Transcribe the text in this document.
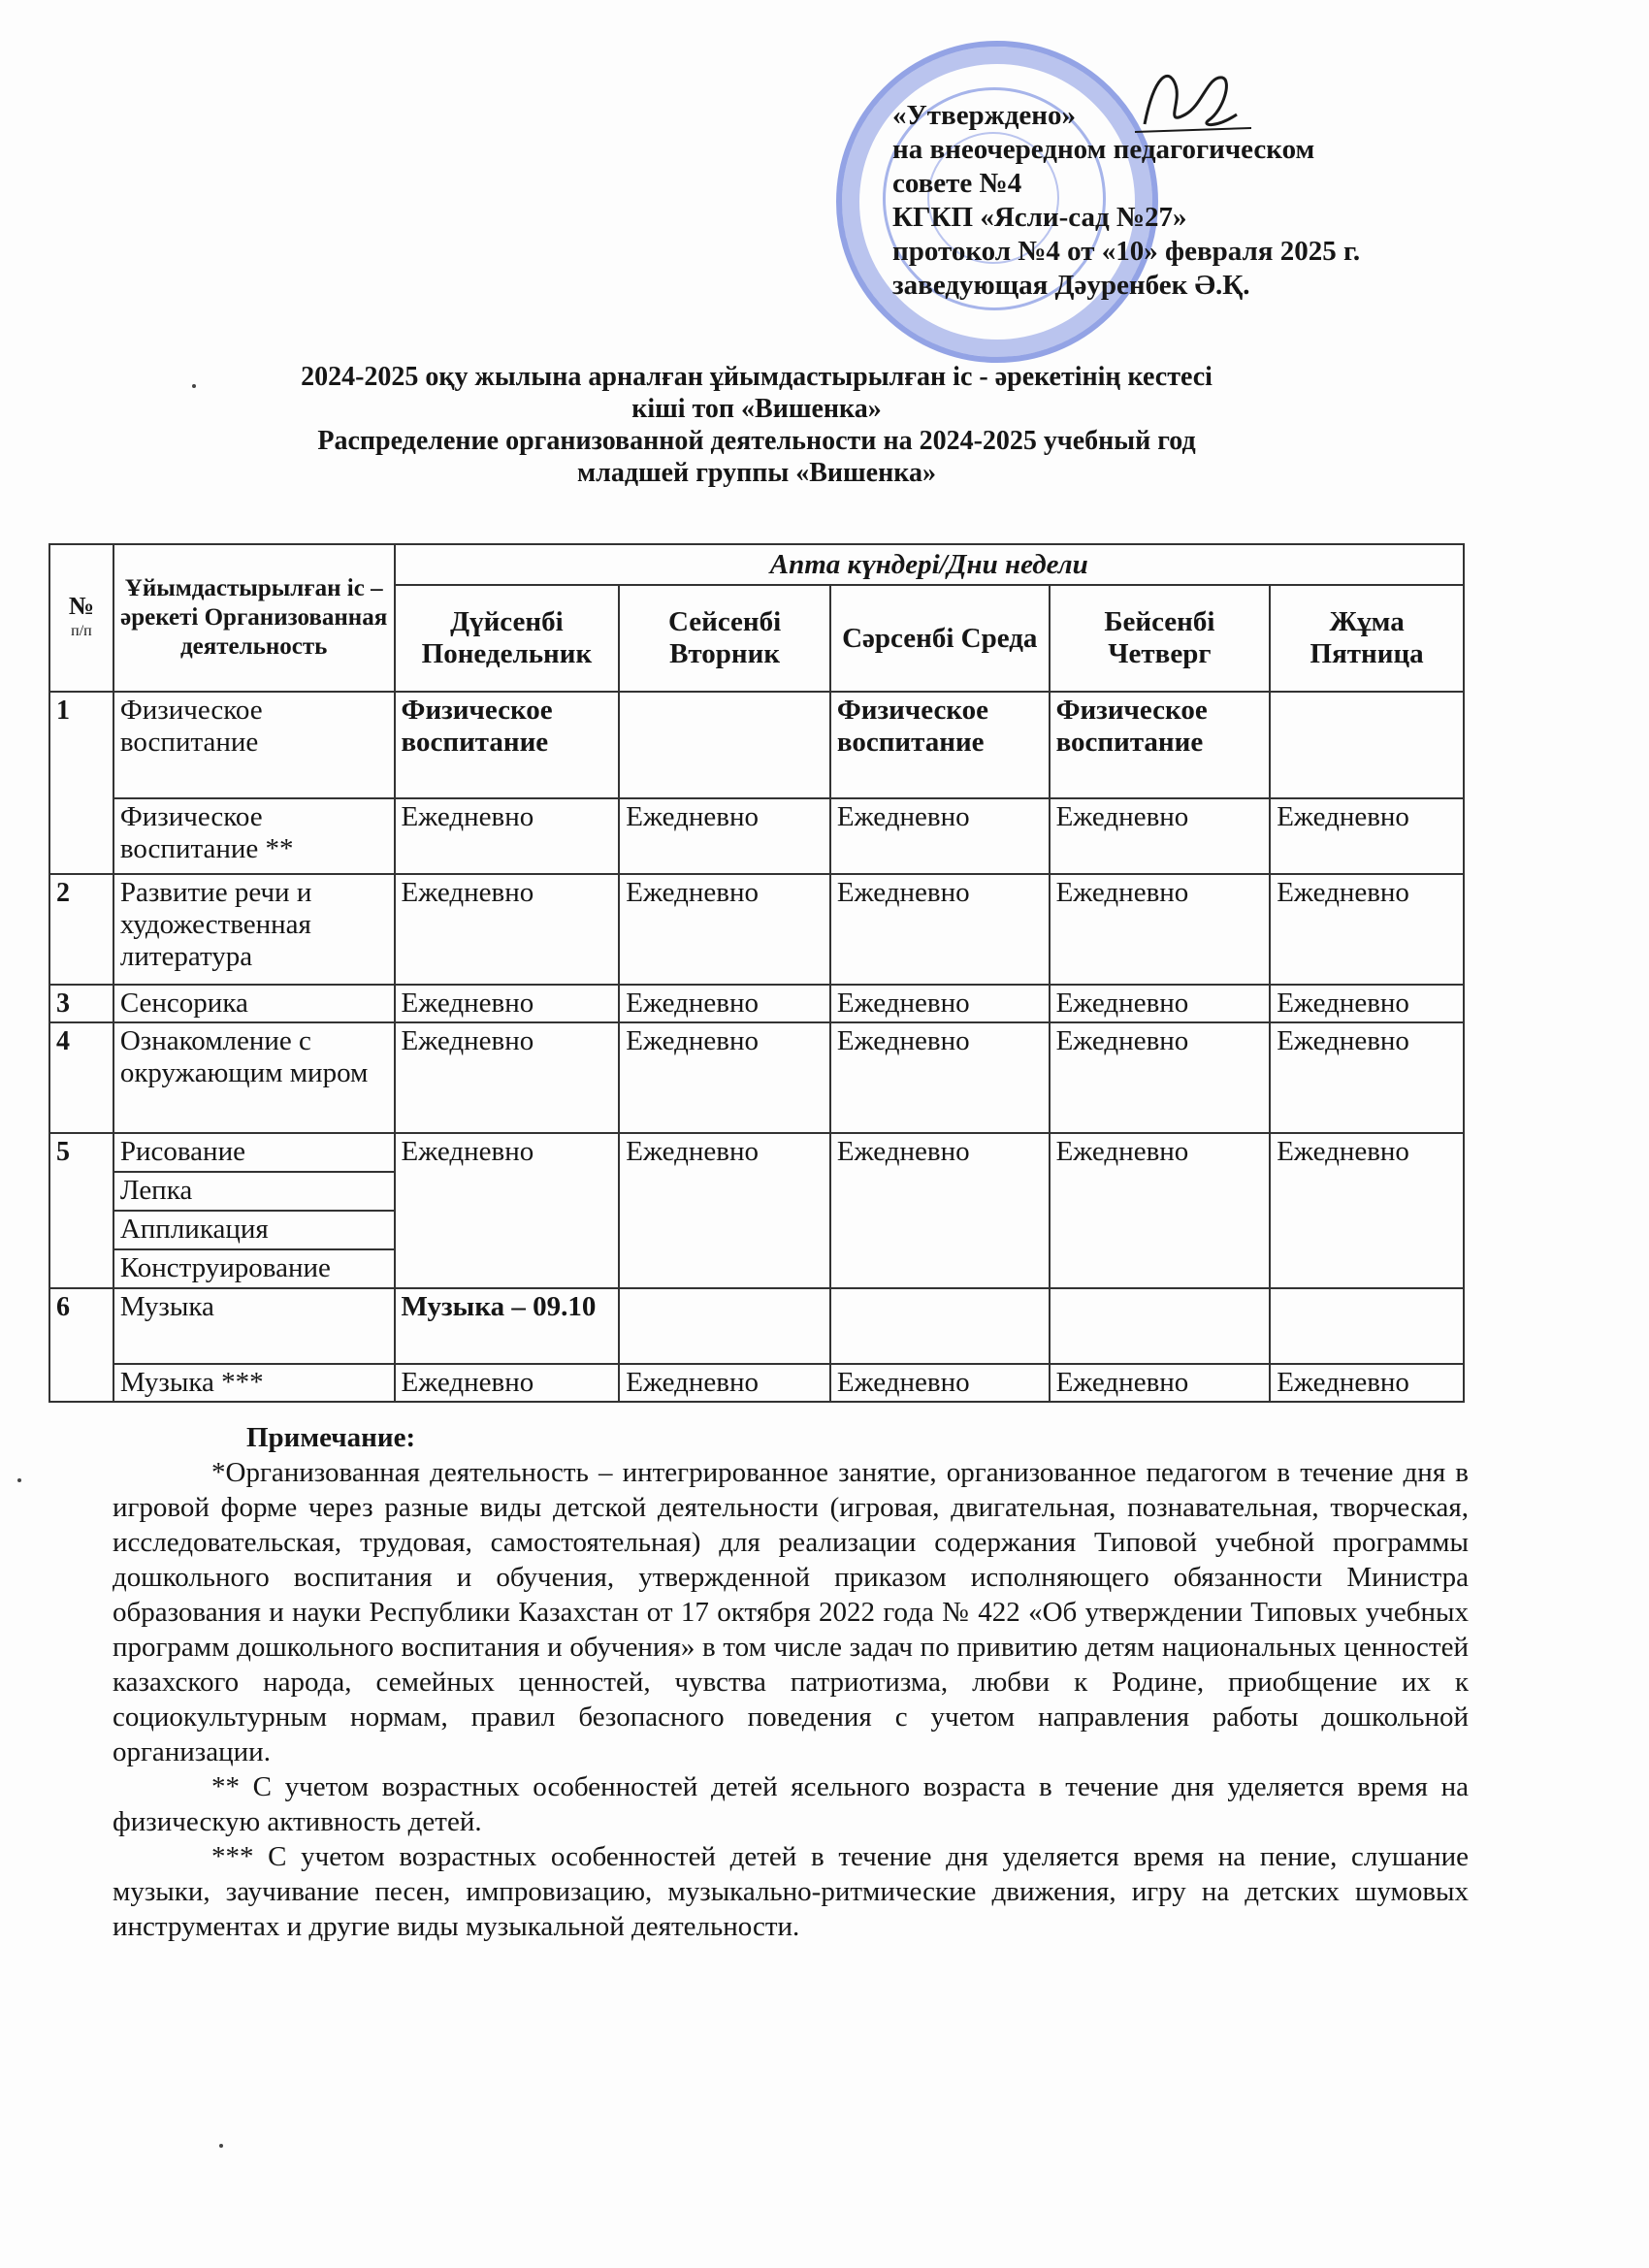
«Утверждено»
на внеочередном педагогическом
совете №4
КГКП «Ясли-сад №27»
протокол №4 от «10» февраля 2025 г.
заведующая Дәуренбек Ә.Қ.
2024-2025 оқу жылына арналған ұйымдастырылған іс - әрекетінің кестесі
кіші топ «Вишенка»
Распределение организованной деятельности на 2024-2025 учебный год
младшей группы «Вишенка»
№
п/п	Ұйымдастырылған іс – әрекеті Организованная деятельность	Апта күндері/Дни недели				
		Дүйсенбі Понедельник	Сейсенбі Вторник	Сәрсенбі Среда	Бейсенбі Четверг	Жұма Пятница
1	Физическое воспитание	Физическое воспитание		Физическое воспитание	Физическое воспитание	
	Физическое воспитание **	Ежедневно	Ежедневно	Ежедневно	Ежедневно	Ежедневно
2	Развитие речи и художественная литература	Ежедневно	Ежедневно	Ежедневно	Ежедневно	Ежедневно
3	Сенсорика	Ежедневно	Ежедневно	Ежедневно	Ежедневно	Ежедневно
4	Ознакомление с окружающим миром	Ежедневно	Ежедневно	Ежедневно	Ежедневно	Ежедневно
5	Рисование	Ежедневно	Ежедневно	Ежедневно	Ежедневно	Ежедневно
	Лепка					
	Аппликация					
	Конструирование					
6	Музыка	Музыка – 09.10				
	Музыка ***	Ежедневно	Ежедневно	Ежедневно	Ежедневно	Ежедневно

Примечание:

*Организованная деятельность – интегрированное занятие, организованное педагогом в течение дня в игровой форме через разные виды детской деятельности (игровая, двигательная, познавательная, творческая, исследовательская, трудовая, самостоятельная) для реализации содержания Типовой учебной программы дошкольного воспитания и обучения, утвержденной приказом исполняющего обязанности Министра образования и науки Республики Казахстан от 17 октября 2022 года № 422 «Об утверждении Типовых учебных программ дошкольного воспитания и обучения» в том числе задач по привитию детям национальных ценностей казахского народа, семейных ценностей, чувства патриотизма, любви к Родине, приобщение их к социокультурным нормам, правил безопасного поведения с учетом направления работы дошкольной организации.

** С учетом возрастных особенностей детей ясельного возраста в течение дня уделяется время на физическую активность детей.

*** С учетом возрастных особенностей детей в течение дня уделяется время на пение, слушание музыки, заучивание песен, импровизацию, музыкально-ритмические движения, игру на детских шумовых инструментах и другие виды музыкальной деятельности.
